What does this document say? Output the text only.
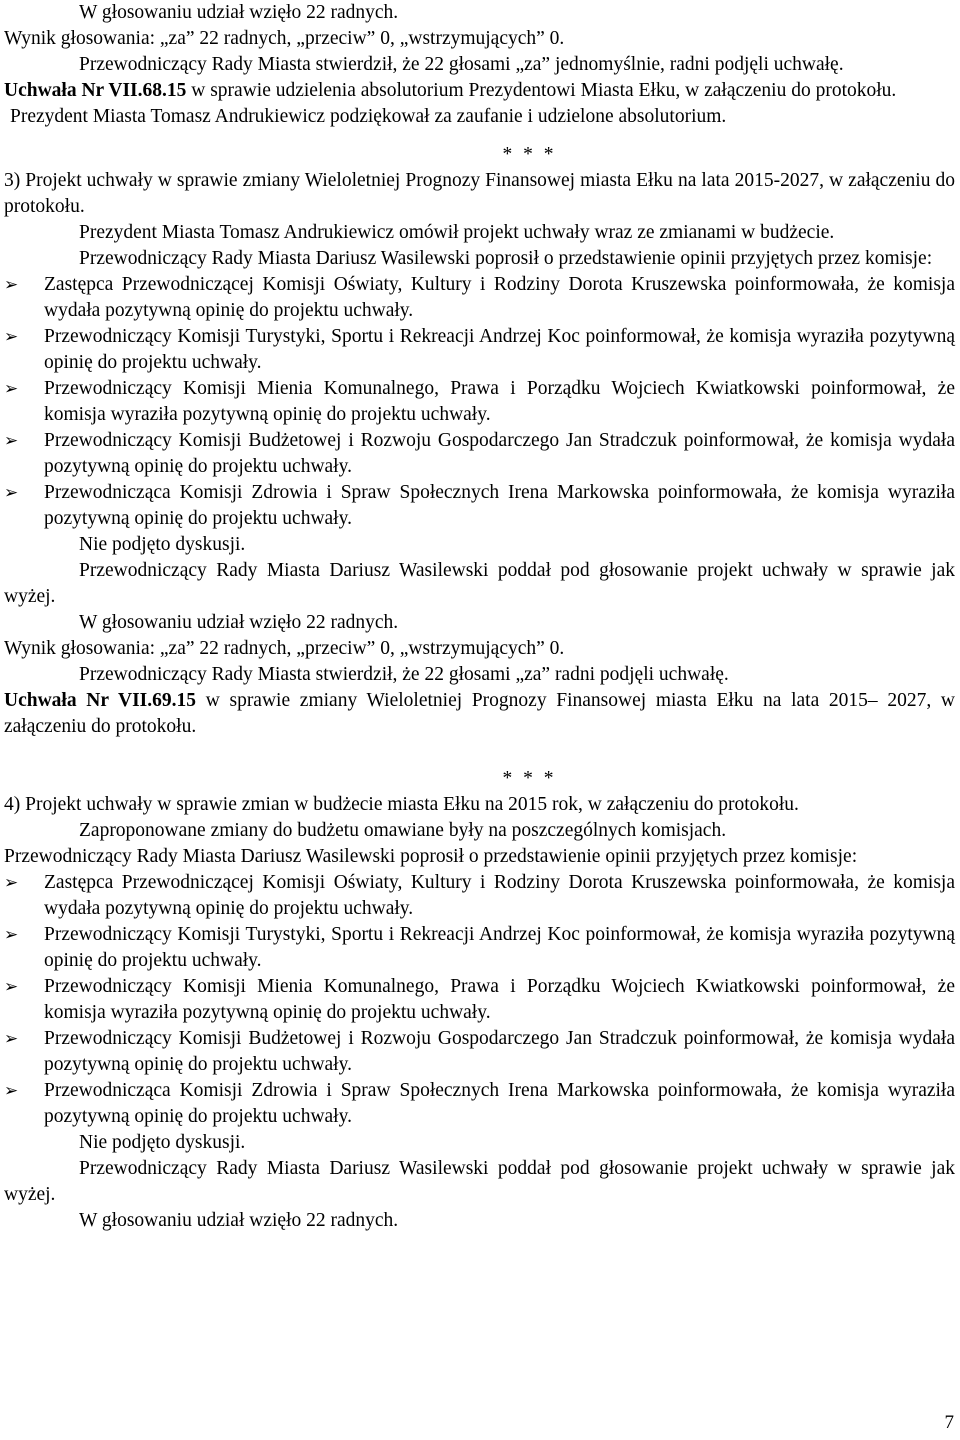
W głosowaniu udział wzięło 22 radnych.

Wynik głosowania: „za” 22 radnych, „przeciw” 0, „wstrzymujących” 0.

Przewodniczący Rady Miasta stwierdził, że 22 głosami „za” jednomyślnie, radni podjęli uchwałę.

Uchwała Nr VII.68.15 w sprawie udzielenia absolutorium Prezydentowi Miasta Ełku, w załączeniu do protokołu.

Prezydent Miasta Tomasz Andrukiewicz podziękował za zaufanie i udzielone absolutorium.

* * *

3) Projekt uchwały w sprawie zmiany Wieloletniej Prognozy Finansowej miasta Ełku na lata 2015-2027, w załączeniu do protokołu.

Prezydent Miasta Tomasz Andrukiewicz omówił projekt uchwały wraz ze zmianami w budżecie.

Przewodniczący Rady Miasta Dariusz Wasilewski poprosił o przedstawienie opinii przyjętych przez komisje:

➢	Zastępca Przewodniczącej Komisji Oświaty, Kultury i Rodziny Dorota Kruszewska poinformowała, że komisja wydała pozytywną opinię do projektu uchwały.
➢	Przewodniczący Komisji Turystyki, Sportu i Rekreacji Andrzej Koc poinformował, że komisja wyraziła pozytywną opinię do projektu uchwały.
➢	Przewodniczący Komisji Mienia Komunalnego, Prawa i Porządku Wojciech Kwiatkowski poinformował, że komisja wyraziła pozytywną opinię do projektu uchwały.
➢	Przewodniczący Komisji Budżetowej i Rozwoju Gospodarczego Jan Stradczuk poinformował, że komisja wydała pozytywną opinię do projektu uchwały.
➢	Przewodnicząca Komisji Zdrowia i Spraw Społecznych Irena Markowska poinformowała, że komisja wyraziła pozytywną opinię do projektu uchwały.

Nie podjęto dyskusji.

Przewodniczący Rady Miasta Dariusz Wasilewski poddał pod głosowanie projekt uchwały w sprawie jak wyżej.

W głosowaniu udział wzięło 22 radnych.

Wynik głosowania: „za” 22 radnych, „przeciw” 0, „wstrzymujących” 0.

Przewodniczący Rady Miasta stwierdził, że 22 głosami „za” radni podjęli uchwałę.

Uchwała Nr VII.69.15 w sprawie zmiany Wieloletniej Prognozy Finansowej miasta Ełku na lata 2015– 2027, w załączeniu do protokołu.

* * *

4) Projekt uchwały w sprawie zmian w budżecie miasta Ełku na 2015 rok, w załączeniu do protokołu.

Zaproponowane zmiany do budżetu omawiane były na poszczególnych komisjach.

Przewodniczący Rady Miasta Dariusz Wasilewski poprosił o przedstawienie opinii przyjętych przez komisje:

➢	Zastępca Przewodniczącej Komisji Oświaty, Kultury i Rodziny Dorota Kruszewska poinformowała, że komisja wydała pozytywną opinię do projektu uchwały.
➢	Przewodniczący Komisji Turystyki, Sportu i Rekreacji Andrzej Koc poinformował, że komisja wyraziła pozytywną opinię do projektu uchwały.
➢	Przewodniczący Komisji Mienia Komunalnego, Prawa i Porządku Wojciech Kwiatkowski poinformował, że komisja wyraziła pozytywną opinię do projektu uchwały.
➢	Przewodniczący Komisji Budżetowej i Rozwoju Gospodarczego Jan Stradczuk poinformował, że komisja wydała pozytywną opinię do projektu uchwały.
➢	Przewodnicząca Komisji Zdrowia i Spraw Społecznych Irena Markowska poinformowała, że komisja wyraziła pozytywną opinię do projektu uchwały.

Nie podjęto dyskusji.

Przewodniczący Rady Miasta Dariusz Wasilewski poddał pod głosowanie projekt uchwały w sprawie jak wyżej.

W głosowaniu udział wzięło 22 radnych.

7
